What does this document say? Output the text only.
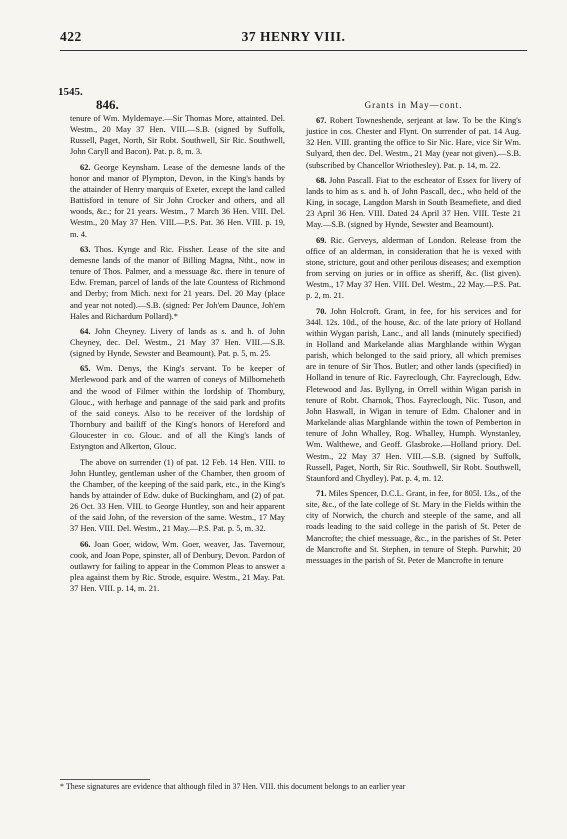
422	37 HENRY VIII.
1545.
Grants in May—cont.
846.

tenure of Wm. Myldemaye.—Sir Thomas More, attainted. Del. Westm., 20 May 37 Hen. VIII.—S.B. (signed by Suffolk, Russell, Paget, North, Sir Robt. Southwell, Sir Ric. Southwell, John Caryll and Bacon). Pat. p. 8, m. 3.

62. George Keynsham. Lease of the demesne lands of the honor and manor of Plympton, Devon, in the King's hands by the attainder of Henry marquis of Exeter, except the land called Battisford in tenure of Sir John Crocker and others, and all woods, &c.; for 21 years. Westm., 7 March 36 Hen. VIII. Del. Westm., 20 May 37 Hen. VIII.—P.S. Pat. 36 Hen. VIII. p. 19, m. 4.

63. Thos. Kynge and Ric. Fissher. Lease of the site and demesne lands of the manor of Billing Magna, Ntht., now in tenure of Thos. Palmer, and a messuage &c. there in tenure of Edw. Freman, parcel of lands of the late Countess of Richmond and Derby; from Mich. next for 21 years. Del. 20 May (place and year not noted).—S.B. (signed: Per Joh'em Daunce, Joh'em Hales and Richardum Pollard).*

64. John Cheyney. Livery of lands as s. and h. of John Cheyney, dec. Del. Westm., 21 May 37 Hen. VIII.—S.B. (signed by Hynde, Sewster and Beamount). Pat. p. 5, m. 25.

65. Wm. Denys, the King's servant. To be keeper of Merlewood park and of the warren of coneys of Milborneheth and the wood of Filmer within the lordship of Thornbury, Glouc., with herbage and pannage of the said park and profits of the said coneys. Also to be receiver of the lordship of Thornbury and bailiff of the King's honors of Hereford and Gloucester in co. Glouc. and of all the King's lands of Estyngton and Alkerton, Glouc.

The above on surrender (1) of pat. 12 Feb. 14 Hen. VIII. to John Huntley, gentleman usher of the Chamber, then groom of the Chamber, of the keeping of the said park, etc., in the King's hands by attainder of Edw. duke of Buckingham, and (2) of pat. 26 Oct. 33 Hen. VIII. to George Huntley, son and heir apparent of the said John, of the reversion of the same. Westm., 17 May 37 Hen. VIII. Del. Westm., 21 May.—P.S. Pat. p. 5, m. 32.

66. Joan Goer, widow, Wm. Goer, weaver, Jas. Tavernour, cook, and Joan Pope, spinster, all of Denbury, Devon. Pardon of outlawry for failing to appear in the Common Pleas to answer a plea against them by Ric. Strode, esquire. Westm., 21 May. Pat. 37 Hen. VIII. p. 14, m. 21.

67. Robert Towneshende, serjeant at law. To be the King's justice in cos. Chester and Flynt. On surrender of pat. 14 Aug. 32 Hen. VIII. granting the office to Sir Nic. Hare, vice Sir Wm. Sulyard, then dec. Del. Westm., 21 May (year not given).—S.B. (subscribed by Chancellor Wriothesley). Pat. p. 14, m. 22.

68. John Pascall. Fiat to the escheator of Essex for livery of lands to him as s. and h. of John Pascall, dec., who held of the King, in socage, Langdon Marsh in South Beamefiete, and died 23 April 36 Hen. VIII. Dated 24 April 37 Hen. VIII. Teste 21 May.—S.B. (signed by Hynde, Sewster and Beamount).

69. Ric. Gerveys, alderman of London. Release from the office of an alderman, in consideration that he is vexed with stone, stricture, gout and other perilous diseases; and exemption from serving on juries or in office as sheriff, &c. (list given). Westm., 17 May 37 Hen. VIII. Del. Westm., 22 May.—P.S. Pat. p. 2, m. 21.

70. John Holcroft. Grant, in fee, for his services and for 344l. 12s. 10d., of the house, &c. of the late priory of Holland within Wygan parish, Lanc., and all lands (minutely specified) in Holland and Markelande alias Marghlande within Wygan parish, which belonged to the said priory, all which premises are in tenure of Sir Thos. Butler; and other lands (specified) in Holland in tenure of Ric. Fayreclough, Chr. Fayreclough, Edw. Fletewood and Jas. Byllyng, in Orrell within Wigan parish in tenure of Robt. Charnok, Thos. Fayreclough, Nic. Tuson, and John Haswall, in Wigan in tenure of Edm. Chaloner and in Markelande alias Marghlande within the town of Pemberton in tenure of John Whalley, Rog. Whalley, Humph. Wynstanley, Wm. Walthewe, and Geoff. Glasbroke.—Holland priory. Del. Westm., 22 May 37 Hen. VIII.—S.B. (signed by Suffolk, Russell, Paget, North, Sir Ric. Southwell, Sir Robt. Southwell, Staunford and Chydley). Pat. p. 4, m. 12.

71. Miles Spencer, D.C.L. Grant, in fee, for 805l. 13s., of the site, &c., of the late college of St. Mary in the Fields within the city of Norwich, the church and steeple of the same, and all roads leading to the said college in the parish of St. Peter de Mancrofte; the chief messuage, &c., in the parishes of St. Peter de Mancrofte and St. Stephen, in tenure of Steph. Purwhit; 20 messuages in the parish of St. Peter de Mancrofte in tenure

* These signatures are evidence that although filed in 37 Hen. VIII. this document belongs to an earlier year
